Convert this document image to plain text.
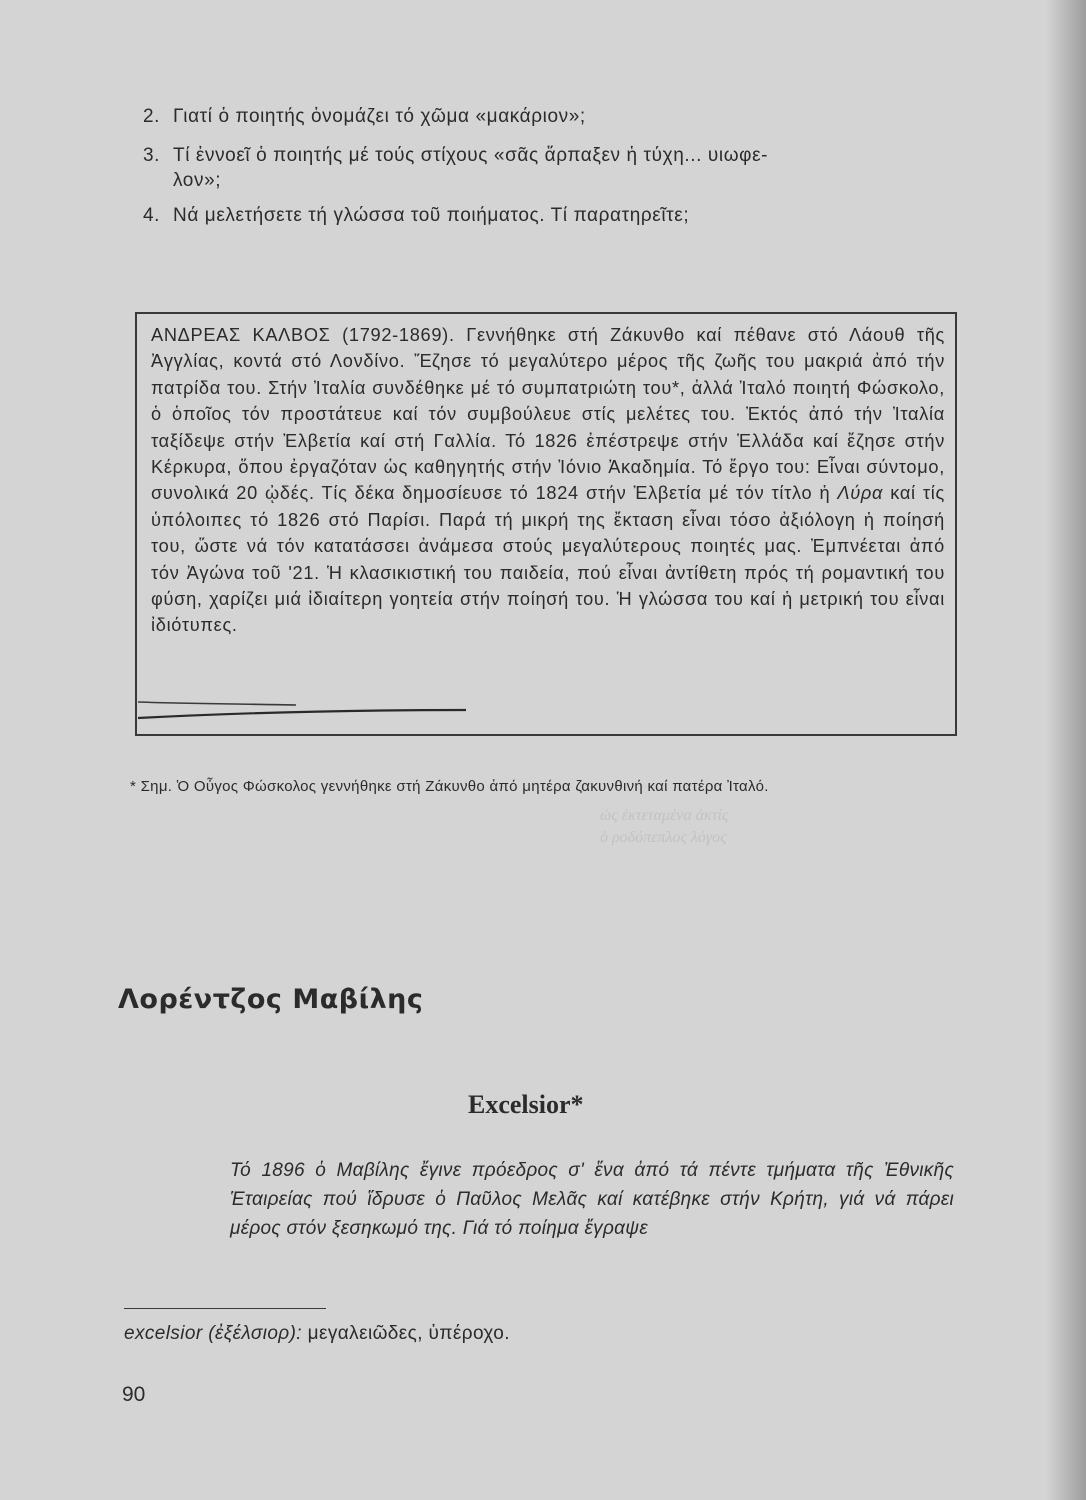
ὡς ἐκτεταμένα ἀκτίς
ὁ ροδόπεπλος λόγος
2. Γιατί ὁ ποιητής ὀνομάζει τό χῶμα «μακάριον»;
3. Τί ἐννοεῖ ὁ ποιητής μέ τούς στίχους «σᾶς ἅρπαξεν ἡ τύχη... υιωφε-
λον»;
4. Νά μελετήσετε τή γλώσσα τοῦ ποιήματος. Τί παρατηρεῖτε;

ΑΝΔΡΕΑΣ ΚΑΛΒΟΣ (1792-1869). Γεννήθηκε στή Ζάκυνθο καί πέθανε στό Λάουθ τῆς Ἀγγλίας, κοντά στό Λονδίνο. Ἔζησε τό μεγαλύτερο μέρος τῆς ζωῆς του μακριά ἀπό τήν πατρίδα του. Στήν Ἰταλία συνδέθηκε μέ τό συμπατριώτη του*, ἀλλά Ἰταλό ποιητή Φώσκολο, ὁ ὁποῖος τόν προστάτευε καί τόν συμβούλευε στίς μελέτες του. Ἐκτός ἀπό τήν Ἰταλία ταξίδεψε στήν Ἐλβετία καί στή Γαλλία. Τό 1826 ἐπέστρεψε στήν Ἑλλάδα καί ἔζησε στήν Κέρκυρα, ὅπου ἐργαζόταν ὡς καθηγητής στήν Ἰόνιο Ἀκαδημία. Τό ἔργο του: Εἶναι σύντομο, συνολικά 20 ᾠδές. Τίς δέκα δημοσίευσε τό 1824 στήν Ἐλβετία μέ τόν τίτλο ἡ Λύρα καί τίς ὑπόλοιπες τό 1826 στό Παρίσι. Παρά τή μικρή της ἔκταση εἶναι τόσο ἀξιόλογη ἡ ποίησή του, ὥστε νά τόν κατατάσσει ἀνάμεσα στούς μεγαλύτερους ποιητές μας. Ἐμπνέεται ἀπό τόν Ἀγώνα τοῦ '21. Ἡ κλασικιστική του παιδεία, πού εἶναι ἀντίθετη πρός τή ρομαντική του φύση, χαρίζει μιά ἰδιαίτερη γοητεία στήν ποίησή του. Ἡ γλώσσα του καί ἡ μετρική του εἶναι ἰδιότυπες.

* Σημ. Ὁ Οὖγος Φώσκολος γεννήθηκε στή Ζάκυνθο ἀπό μητέρα ζακυνθινή καί πατέρα Ἰταλό.
Λορέντζος Μαβίλης
Excelsior*

Τό 1896 ὁ Μαβίλης ἔγινε πρόεδρος σ' ἕνα ἀπό τά πέντε τμήματα τῆς Ἐθνικῆς Ἑταιρείας πού ἵδρυσε ὁ Παῦλος Μελᾶς καί κατέβηκε στήν Κρήτη, γιά νά πάρει μέρος στόν ξεσηκωμό της. Γιά τό ποίημα ἔγραψε

excelsior (ἐξέλσιορ): μεγαλειῶδες, ὑπέροχο.
90
